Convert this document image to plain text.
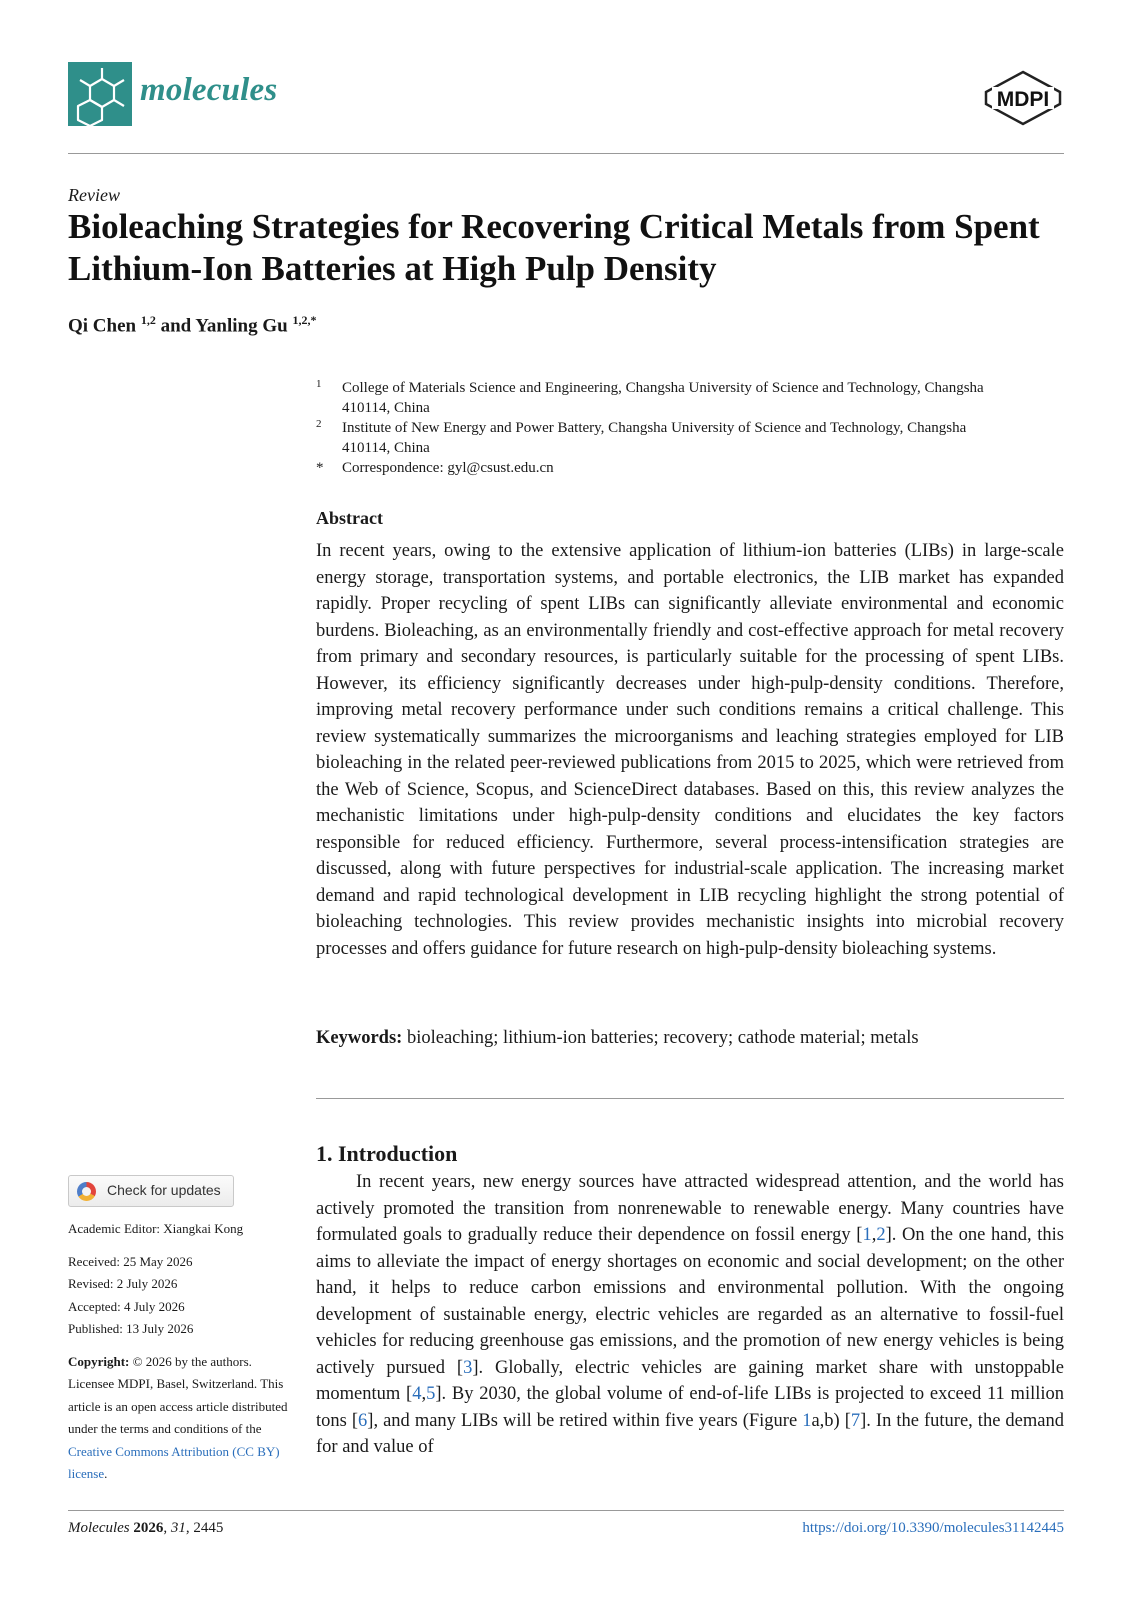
molecules	MDPI
Review
Bioleaching Strategies for Recovering Critical Metals from Spent Lithium-Ion Batteries at High Pulp Density
Qi Chen $^{1,2}$ and Yanling Gu $^{1,2,*}$
1 College of Materials Science and Engineering, Changsha University of Science and Technology, Changsha 410114, China
2 Institute of New Energy and Power Battery, Changsha University of Science and Technology, Changsha 410114, China
* Correspondence: gyl@csust.edu.cn
Abstract

In recent years, owing to the extensive application of lithium-ion batteries (LIBs) in large-scale energy storage, transportation systems, and portable electronics, the LIB market has expanded rapidly. Proper recycling of spent LIBs can significantly alleviate environmental and economic burdens. Bioleaching, as an environmentally friendly and cost-effective approach for metal recovery from primary and secondary resources, is particularly suitable for the processing of spent LIBs. However, its efficiency significantly decreases under high-pulp-density conditions. Therefore, improving metal recovery performance under such conditions remains a critical challenge. This review systematically summarizes the microorganisms and leaching strategies employed for LIB bioleaching in the related peer-reviewed publications from 2015 to 2025, which were retrieved from the Web of Science, Scopus, and ScienceDirect databases. Based on this, this review analyzes the mechanistic limitations under high-pulp-density conditions and elucidates the key factors responsible for reduced efficiency. Furthermore, several process-intensification strategies are discussed, along with future perspectives for industrial-scale application. The increasing market demand and rapid technological development in LIB recycling highlight the strong potential of bioleaching technologies. This review provides mechanistic insights into microbial recovery processes and offers guidance for future research on high-pulp-density bioleaching systems.

Keywords: bioleaching; lithium-ion batteries; recovery; cathode material; metals
1. Introduction

In recent years, new energy sources have attracted widespread attention, and the world has actively promoted the transition from nonrenewable to renewable energy. Many countries have formulated goals to gradually reduce their dependence on fossil energy [1,2]. On the one hand, this aims to alleviate the impact of energy shortages on economic and social development; on the other hand, it helps to reduce carbon emissions and environmental pollution. With the ongoing development of sustainable energy, electric vehicles are regarded as an alternative to fossil-fuel vehicles for reducing greenhouse gas emissions, and the promotion of new energy vehicles is being actively pursued [3]. Globally, electric vehicles are gaining market share with unstoppable momentum [4,5]. By 2030, the global volume of end-of-life LIBs is projected to exceed 11 million tons [6], and many LIBs will be retired within five years (Figure 1a,b) [7]. In the future, the demand for and value of

Check for updates
Academic Editor: Xiangkai Kong
Received: 25 May 2026
Revised: 2 July 2026
Accepted: 4 July 2026
Published: 13 July 2026
Copyright: © 2026 by the authors. Licensee MDPI, Basel, Switzerland. This article is an open access article distributed under the terms and conditions of the Creative Commons Attribution (CC BY) license.
Molecules 2026, 31, 2445	https://doi.org/10.3390/molecules31142445
